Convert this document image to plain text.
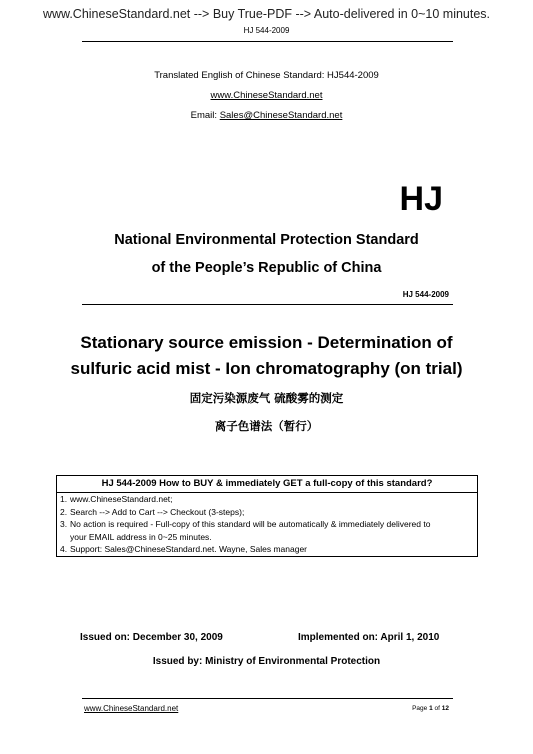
www.ChineseStandard.net --> Buy True-PDF --> Auto-delivered in 0~10 minutes.
HJ 544-2009
Translated English of Chinese Standard: HJ544-2009
www.ChineseStandard.net
Email: Sales@ChineseStandard.net
HJ
National Environmental Protection Standard
of the People’s Republic of China
HJ 544-2009
Stationary source emission - Determination of
sulfuric acid mist - Ion chromatography (on trial)
固定污染源废气 硫酸雾的测定
离子色谱法（暂行）
HJ 544-2009 How to BUY & immediately GET a full-copy of this standard?
1. www.ChineseStandard.net;
2. Search --> Add to Cart --> Checkout (3-steps);
3. No action is required - Full-copy of this standard will be automatically & immediately delivered to
your EMAIL address in 0~25 minutes.
4. Support: Sales@ChineseStandard.net. Wayne, Sales manager
Issued on: December 30, 2009	Implemented on: April 1, 2010
Issued by: Ministry of Environmental Protection
www.ChineseStandard.net	Page 1 of 12
